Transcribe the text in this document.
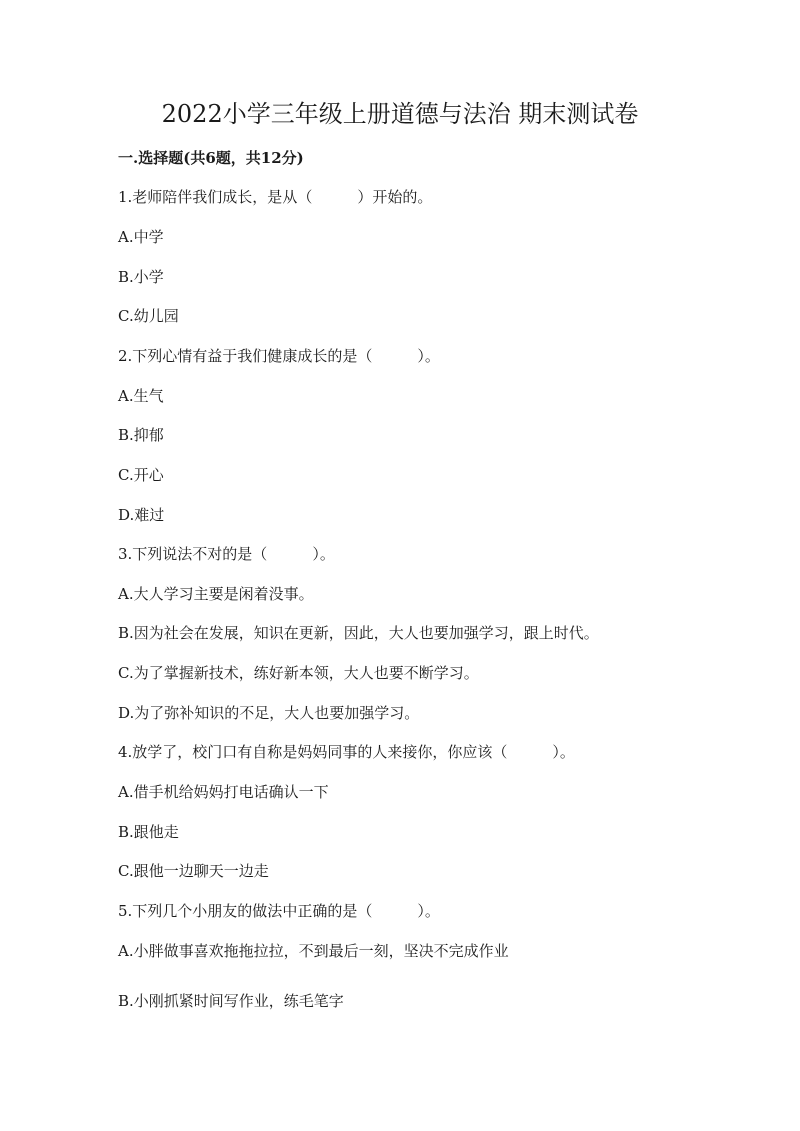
2022小学三年级上册道德与法治 期末测试卷
一.选择题(共6题，共12分)
1.老师陪伴我们成长，是从（　　　）开始的。
A.中学
B.小学
C.幼儿园
2.下列心情有益于我们健康成长的是（　　　）。
A.生气
B.抑郁
C.开心
D.难过
3.下列说法不对的是（　　　）。
A.大人学习主要是闲着没事。
B.因为社会在发展，知识在更新，因此，大人也要加强学习，跟上时代。
C.为了掌握新技术，练好新本领，大人也要不断学习。
D.为了弥补知识的不足，大人也要加强学习。
4.放学了，校门口有自称是妈妈同事的人来接你，你应该（　　　）。
A.借手机给妈妈打电话确认一下
B.跟他走
C.跟他一边聊天一边走
5.下列几个小朋友的做法中正确的是（　　　）。
A.小胖做事喜欢拖拖拉拉，不到最后一刻，坚决不完成作业
B.小刚抓紧时间写作业，练毛笔字
